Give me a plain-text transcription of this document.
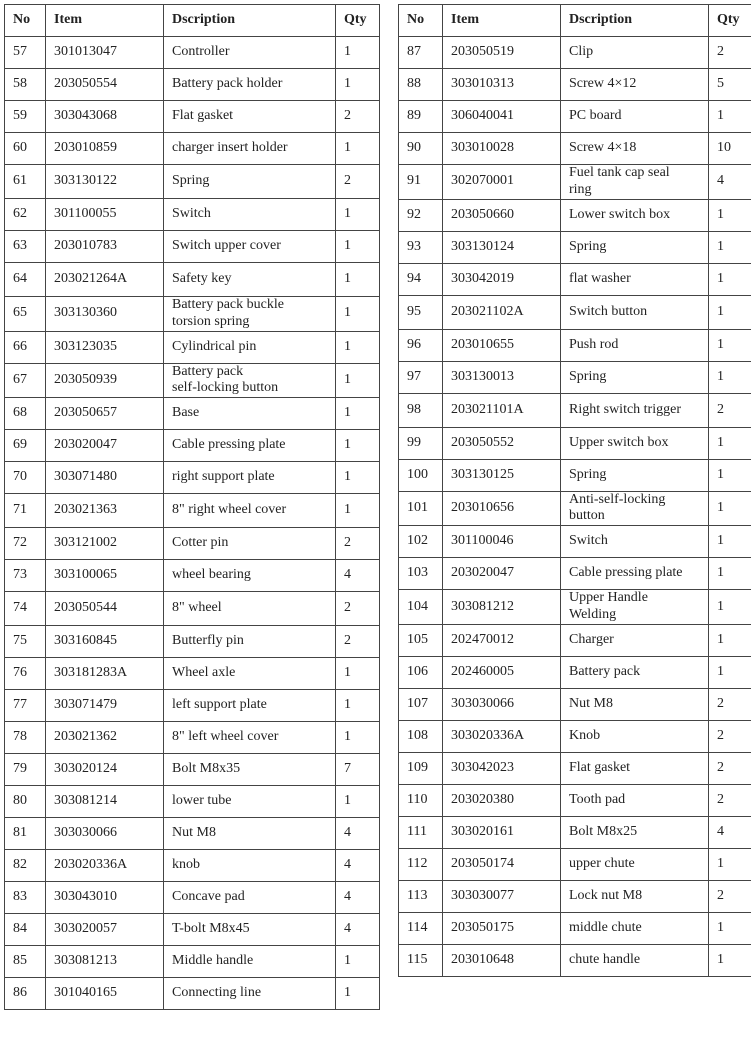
No	Item	Dscription	Qty
57	301013047	Controller	1
58	203050554	Battery pack holder	1
59	303043068	Flat gasket	2
60	203010859	charger insert holder	1
61	303130122	Spring	2
62	301100055	Switch	1
63	203010783	Switch upper cover	1
64	203021264A	Safety key	1
65	303130360	Battery pack buckle
torsion spring	1
66	303123035	Cylindrical pin	1
67	203050939	Battery pack
self-locking button	1
68	203050657	Base	1
69	203020047	Cable pressing plate	1
70	303071480	right support plate	1
71	203021363	8" right wheel cover	1
72	303121002	Cotter pin	2
73	303100065	wheel bearing	4
74	203050544	8" wheel	2
75	303160845	Butterfly pin	2
76	303181283A	Wheel axle	1
77	303071479	left support plate	1
78	203021362	8" left wheel cover	1
79	303020124	Bolt M8x35	7
80	303081214	lower tube	1
81	303030066	Nut M8	4
82	203020336A	knob	4
83	303043010	Concave pad	4
84	303020057	T-bolt M8x45	4
85	303081213	Middle handle	1
86	301040165	Connecting line	1
No	Item	Dscription	Qty
87	203050519	Clip	2
88	303010313	Screw 4×12	5
89	306040041	PC board	1
90	303010028	Screw 4×18	10
91	302070001	Fuel tank cap seal
ring	4
92	203050660	Lower switch box	1
93	303130124	Spring	1
94	303042019	flat washer	1
95	203021102A	Switch button	1
96	203010655	Push rod	1
97	303130013	Spring	1
98	203021101A	Right switch trigger	2
99	203050552	Upper switch box	1
100	303130125	Spring	1
101	203010656	Anti-self-locking
button	1
102	301100046	Switch	1
103	203020047	Cable pressing plate	1
104	303081212	Upper Handle
Welding	1
105	202470012	Charger	1
106	202460005	Battery pack	1
107	303030066	Nut M8	2
108	303020336A	Knob	2
109	303042023	Flat gasket	2
110	203020380	Tooth pad	2
111	303020161	Bolt M8x25	4
112	203050174	upper chute	1
113	303030077	Lock nut M8	2
114	203050175	middle chute	1
115	203010648	chute handle	1
